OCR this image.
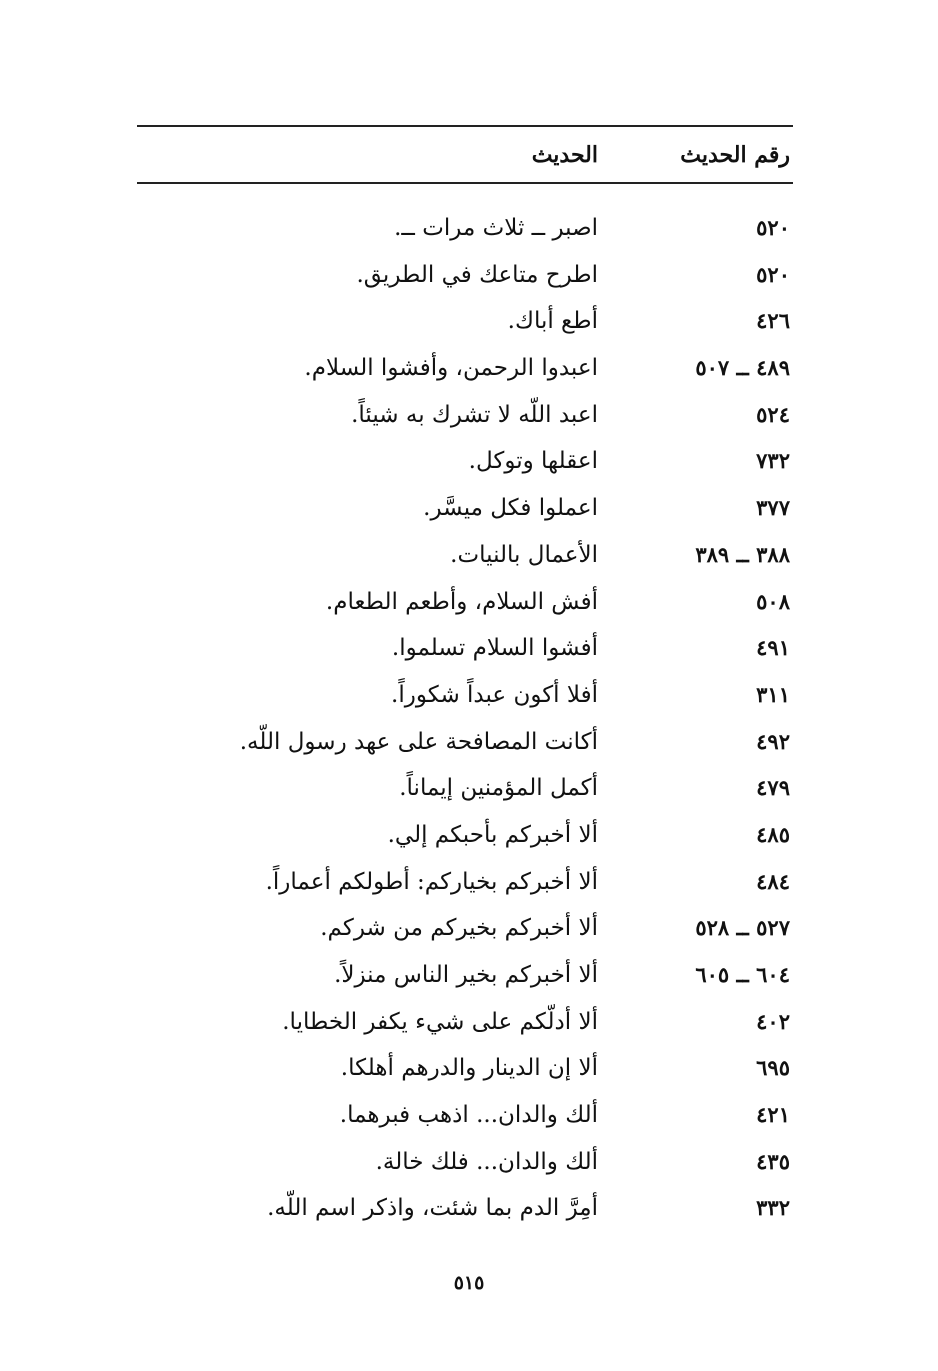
رقم الحديث
الحديث
٥٢٠
اصبر ــ ثلاث مرات ــ.
٥٢٠
اطرح متاعك في الطريق.
٤٢٦
أطع أباك.
٤٨٩ ــ ٥٠٧
اعبدوا الرحمن، وأفشوا السلام.
٥٢٤
اعبد اللّه لا تشرك به شيئاً.
٧٣٢
اعقلها وتوكل.
٣٧٧
اعملوا فكل ميسَّر.
٣٨٨ ــ ٣٨٩
الأعمال بالنيات.
٥٠٨
أفش السلام، وأطعم الطعام.
٤٩١
أفشوا السلام تسلموا.
٣١١
أفلا أكون عبداً شكوراً.
٤٩٢
أكانت المصافحة على عهد رسول اللّه.
٤٧٩
أكمل المؤمنين إيماناً.
٤٨٥
ألا أخبركم بأحبكم إلي.
٤٨٤
ألا أخبركم بخياركم: أطولكم أعماراً.
٥٢٧ ــ ٥٢٨
ألا أخبركم بخيركم من شركم.
٦٠٤ ــ ٦٠٥
ألا أخبركم بخير الناس منزلاً.
٤٠٢
ألا أدلّكم على شيء يكفر الخطايا.
٦٩٥
ألا إن الدينار والدرهم أهلكا.
٤٢١
ألك والدان... اذهب فبرهما.
٤٣٥
ألك والدان... فلك خالة.
٣٣٢
أمِرَّ الدم بما شئت، واذكر اسم اللّه.
٥١٥
